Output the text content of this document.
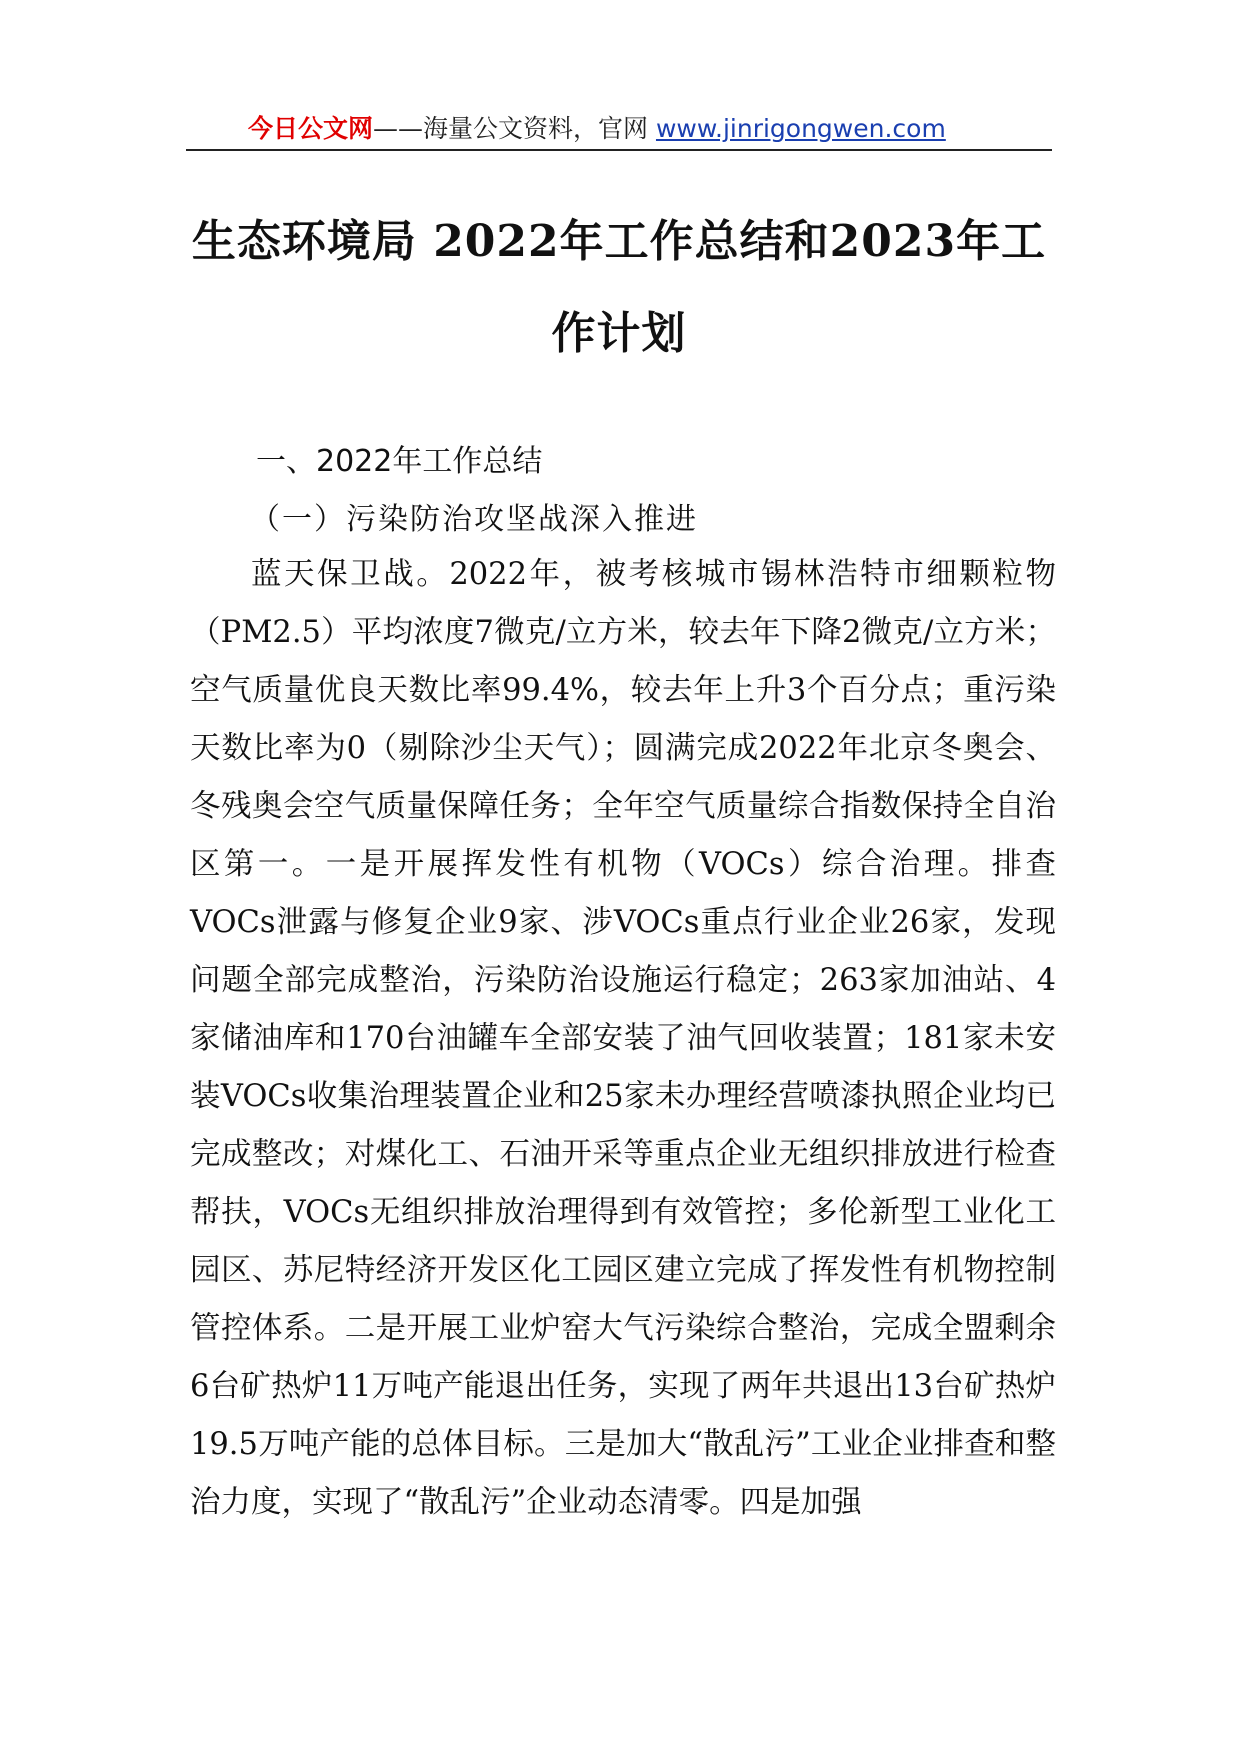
今日公文网——海量公文资料，官网 www.jinrigongwen.com
生态环境局 2022年工作总结和2023年工作计划
一、2022年工作总结
（一）污染防治攻坚战深入推进

蓝天保卫战。2022年，被考核城市锡林浩特市细颗粒物（PM2.5）平均浓度7微克/立方米，较去年下降2微克/立方米；空气质量优良天数比率99.4%，较去年上升3个百分点；重污染天数比率为0（剔除沙尘天气）；圆满完成2022年北京冬奥会、冬残奥会空气质量保障任务；全年空气质量综合指数保持全自治区第一。一是开展挥发性有机物（VOCs）综合治理。排查VOCs泄露与修复企业9家、涉VOCs重点行业企业26家，发现问题全部完成整治，污染防治设施运行稳定；263家加油站、4家储油库和170台油罐车全部安装了油气回收装置；181家未安装VOCs收集治理装置企业和25家未办理经营喷漆执照企业均已完成整改；对煤化工、石油开采等重点企业无组织排放进行检查帮扶，VOCs无组织排放治理得到有效管控；多伦新型工业化工园区、苏尼特经济开发区化工园区建立完成了挥发性有机物控制管控体系。二是开展工业炉窑大气污染综合整治，完成全盟剩余6台矿热炉11万吨产能退出任务，实现了两年共退出13台矿热炉19.5万吨产能的总体目标。三是加大“散乱污”工业企业排查和整治力度，实现了“散乱污”企业动态清零。四是加强
